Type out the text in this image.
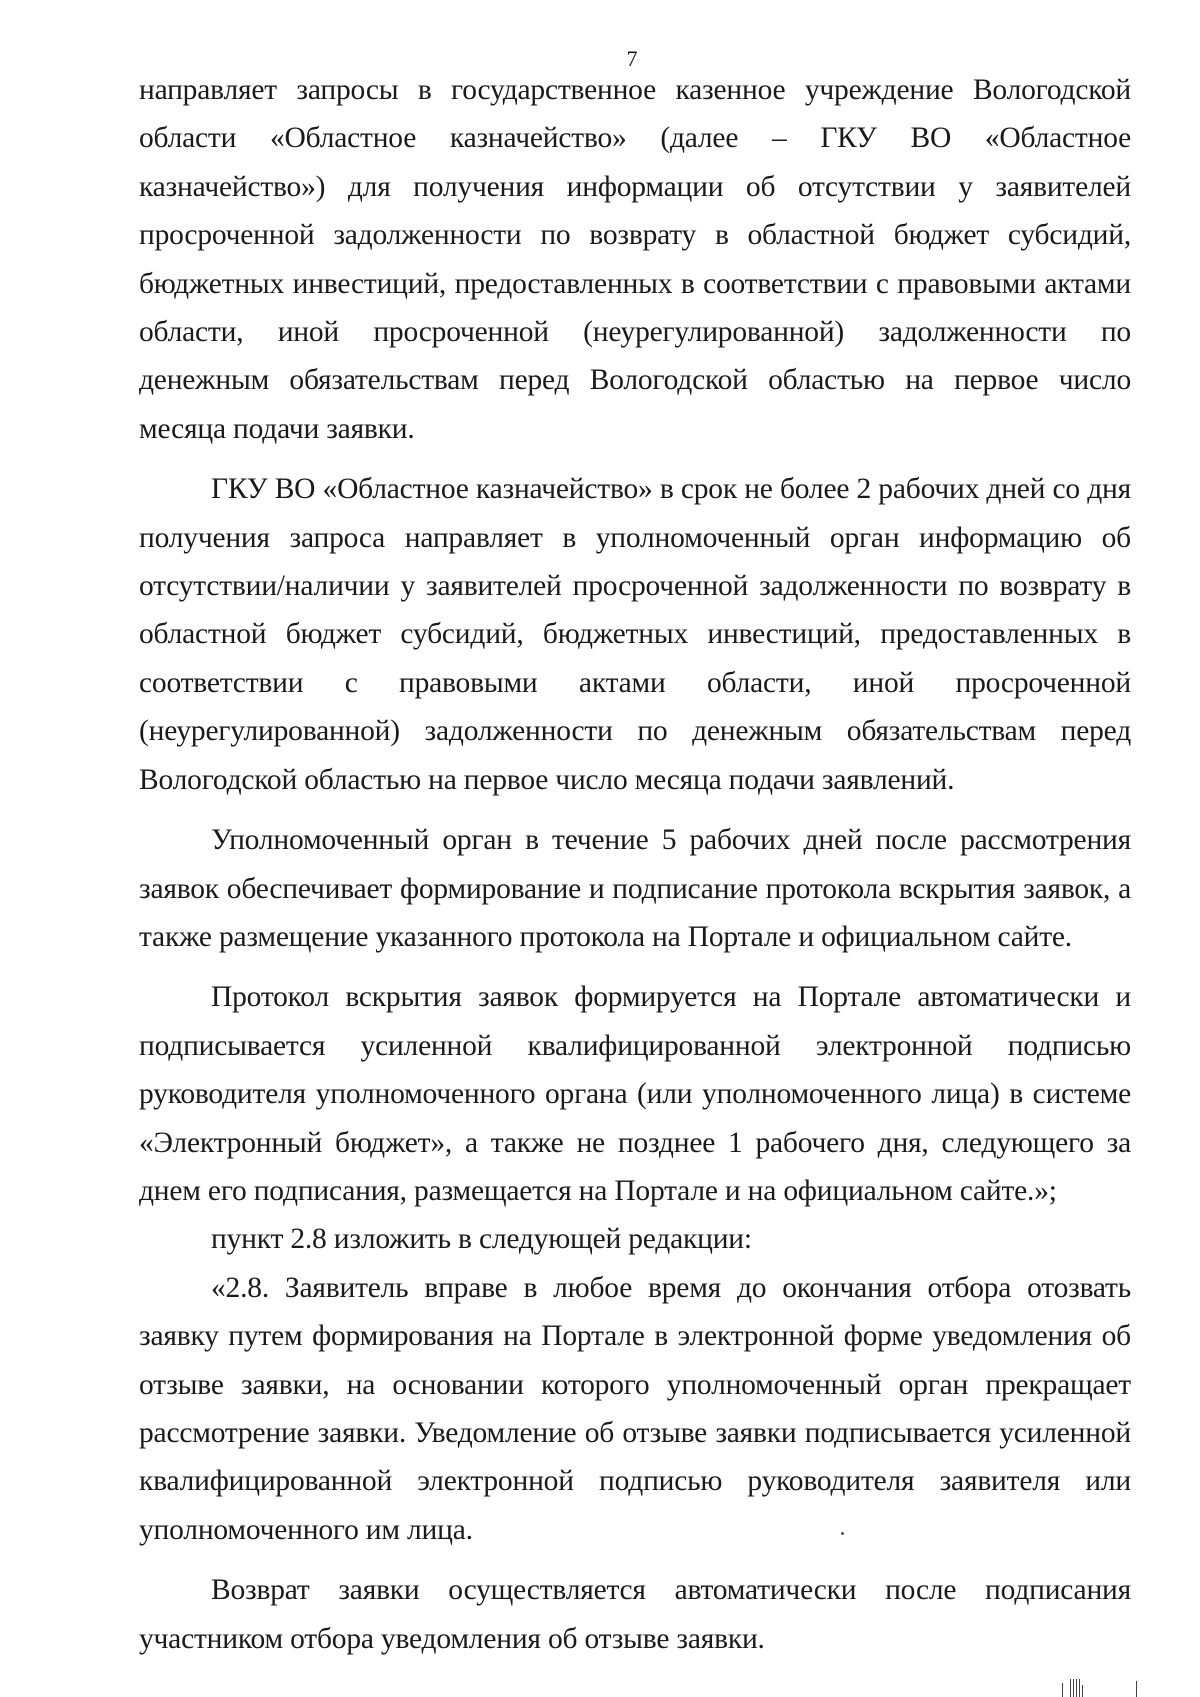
7

направляет запросы в государственное казенное учреждение Вологодской области «Областное казначейство» (далее – ГКУ ВО «Областное казначейство») для получения информации об отсутствии у заявителей просроченной задолженности по возврату в областной бюджет субсидий, бюджетных инвестиций, предоставленных в соответствии с правовыми актами области, иной просроченной (неурегулированной) задолженности по денежным обязательствам перед Вологодской областью на первое число месяца подачи заявки.

ГКУ ВО «Областное казначейство» в срок не более 2 рабочих дней со дня получения запроса направляет в уполномоченный орган информацию об отсутствии/наличии у заявителей просроченной задолженности по возврату в областной бюджет субсидий, бюджетных инвестиций, предоставленных в соответствии с правовыми актами области, иной просроченной (неурегулированной) задолженности по денежным обязательствам перед Вологодской областью на первое число месяца подачи заявлений.

Уполномоченный орган в течение 5 рабочих дней после рассмотрения заявок обеспечивает формирование и подписание протокола вскрытия заявок, а также размещение указанного протокола на Портале и официальном сайте.

Протокол вскрытия заявок формируется на Портале автоматически и подписывается усиленной квалифицированной электронной подписью руководителя уполномоченного органа (или уполномоченного лица) в системе «Электронный бюджет», а также не позднее 1 рабочего дня, следующего за днем его подписания, размещается на Портале и на официальном сайте.»;

пункт 2.8 изложить в следующей редакции:

«2.8. Заявитель вправе в любое время до окончания отбора отозвать заявку путем формирования на Портале в электронной форме уведомления об отзыве заявки, на основании которого уполномоченный орган прекращает рассмотрение заявки. Уведомление об отзыве заявки подписывается усиленной квалифицированной электронной подписью руководителя заявителя или уполномоченного им лица.

Возврат заявки осуществляется автоматически после подписания участником отбора уведомления об отзыве заявки.
